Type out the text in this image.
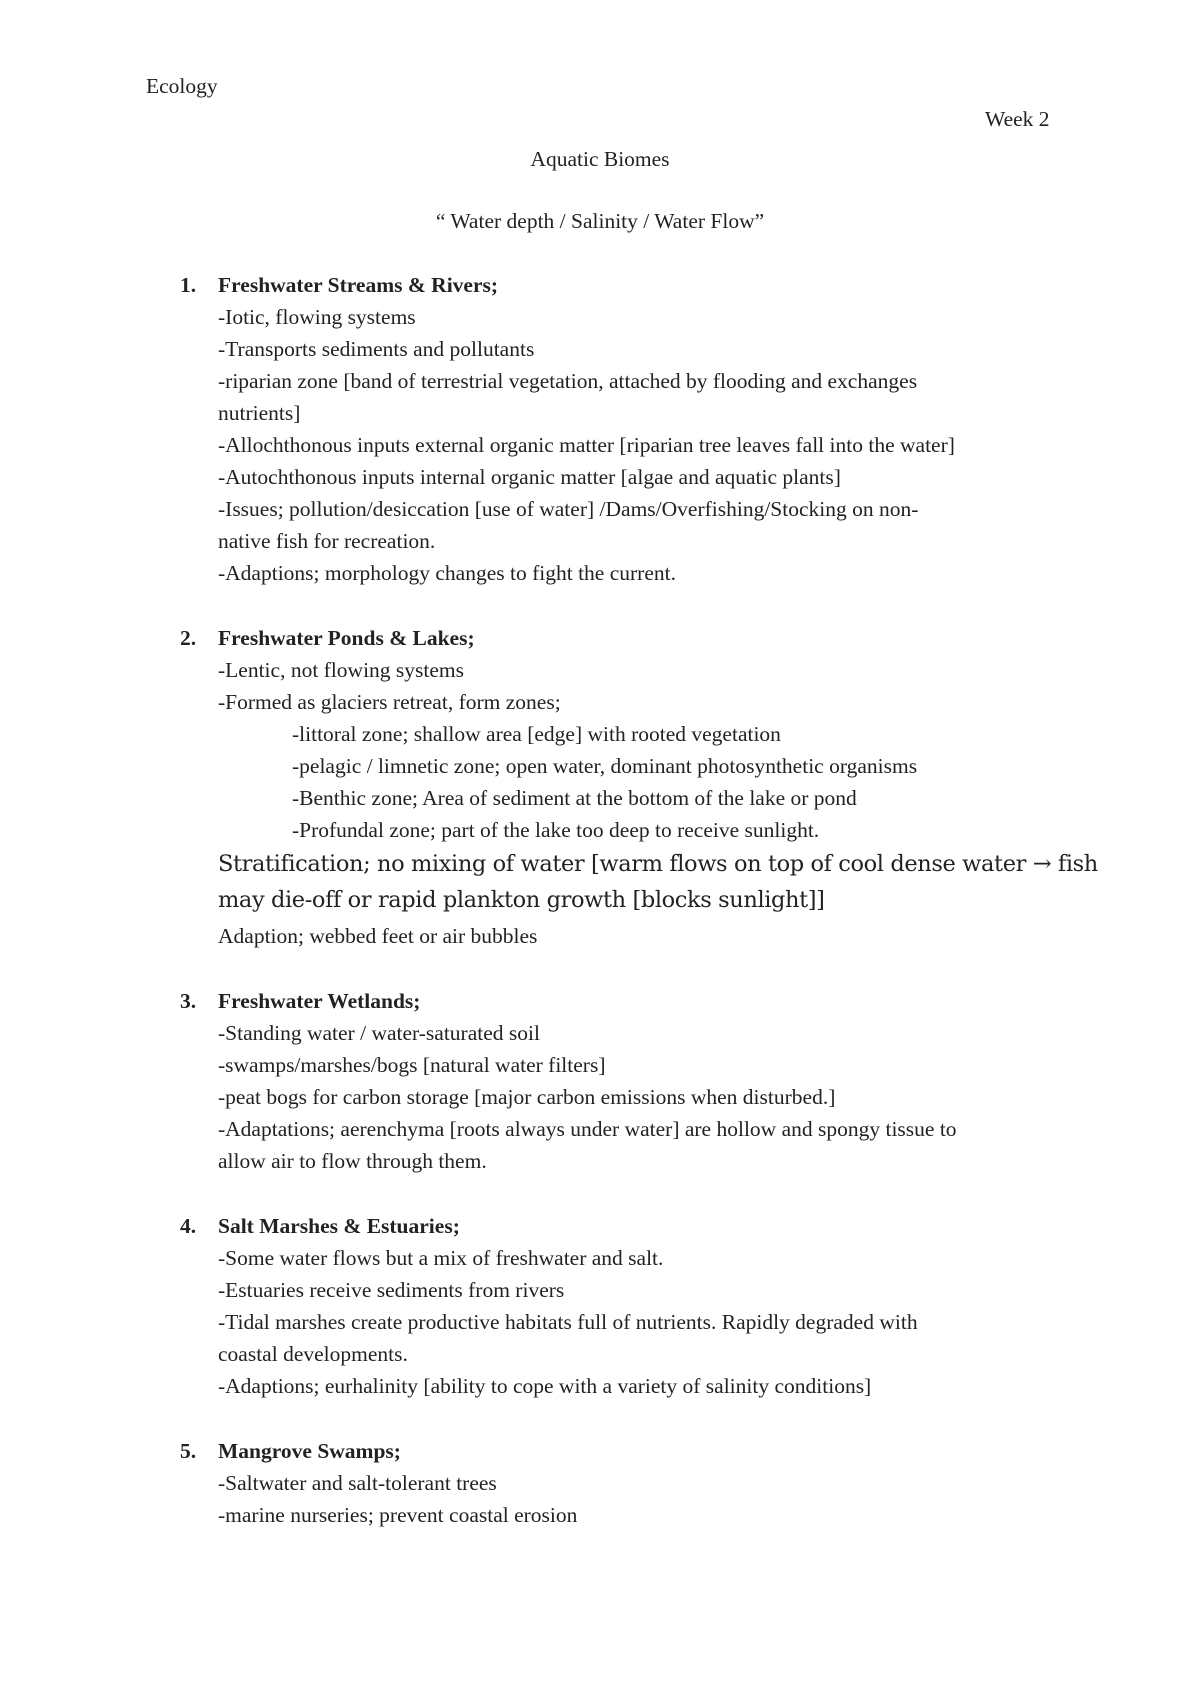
Ecology
Week 2
Aquatic Biomes
“ Water depth / Salinity / Water Flow”
1. Freshwater Streams & Rivers;
-Iotic, flowing systems
-Transports sediments and pollutants
-riparian zone [band of terrestrial vegetation, attached by flooding and exchanges
nutrients]
-Allochthonous inputs external organic matter [riparian tree leaves fall into the water]
-Autochthonous inputs internal organic matter [algae and aquatic plants]
-Issues; pollution/desiccation [use of water] /Dams/Overfishing/Stocking on non-
native fish for recreation.
-Adaptions; morphology changes to fight the current.
2. Freshwater Ponds & Lakes;
-Lentic, not flowing systems
-Formed as glaciers retreat, form zones;
-littoral zone; shallow area [edge] with rooted vegetation
-pelagic / limnetic zone; open water, dominant photosynthetic organisms
-Benthic zone; Area of sediment at the bottom of the lake or pond
-Profundal zone; part of the lake too deep to receive sunlight.
Stratification; no mixing of water [warm flows on top of cool dense water → fish
may die-off or rapid plankton growth [blocks sunlight]]
Adaption; webbed feet or air bubbles
3. Freshwater Wetlands;
-Standing water / water-saturated soil
-swamps/marshes/bogs [natural water filters]
-peat bogs for carbon storage [major carbon emissions when disturbed.]
-Adaptations; aerenchyma [roots always under water] are hollow and spongy tissue to
allow air to flow through them.
4. Salt Marshes & Estuaries;
-Some water flows but a mix of freshwater and salt.
-Estuaries receive sediments from rivers
-Tidal marshes create productive habitats full of nutrients. Rapidly degraded with
coastal developments.
-Adaptions; eurhalinity [ability to cope with a variety of salinity conditions]
5. Mangrove Swamps;
-Saltwater and salt-tolerant trees
-marine nurseries; prevent coastal erosion
